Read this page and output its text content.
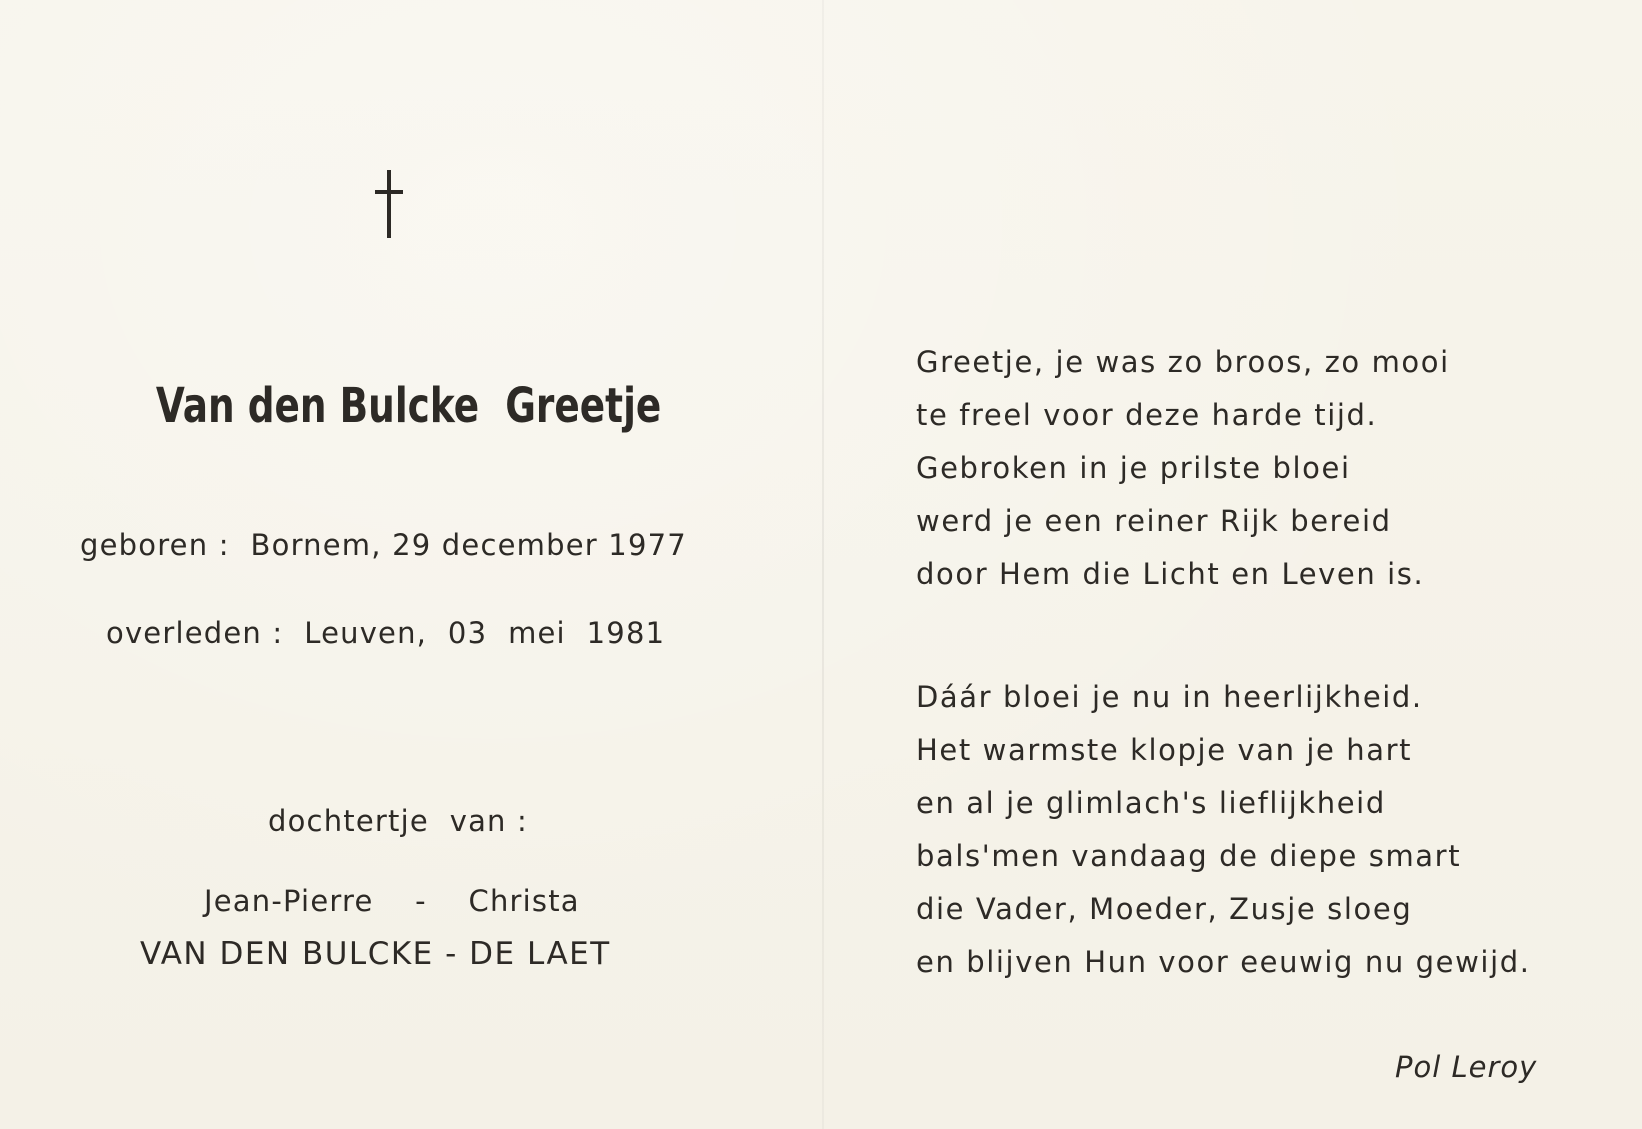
Van den Bulcke  Greetje
geboren :  Bornem, 29 december 1977
overleden :  Leuven,  03  mei  1981
dochtertje  van :
Jean-Pierre    -    Christa
VAN DEN BULCKE - DE LAET
Greetje, je was zo broos, zo mooi
te freel voor deze harde tijd.
Gebroken in je prilste bloei
werd je een reiner Rijk bereid
door Hem die Licht en Leven is.
Dáár bloei je nu in heerlijkheid.
Het warmste klopje van je hart
en al je glimlach's lieflijkheid
bals'men vandaag de diepe smart
die Vader, Moeder, Zusje sloeg
en blijven Hun voor eeuwig nu gewijd.
Pol Leroy
